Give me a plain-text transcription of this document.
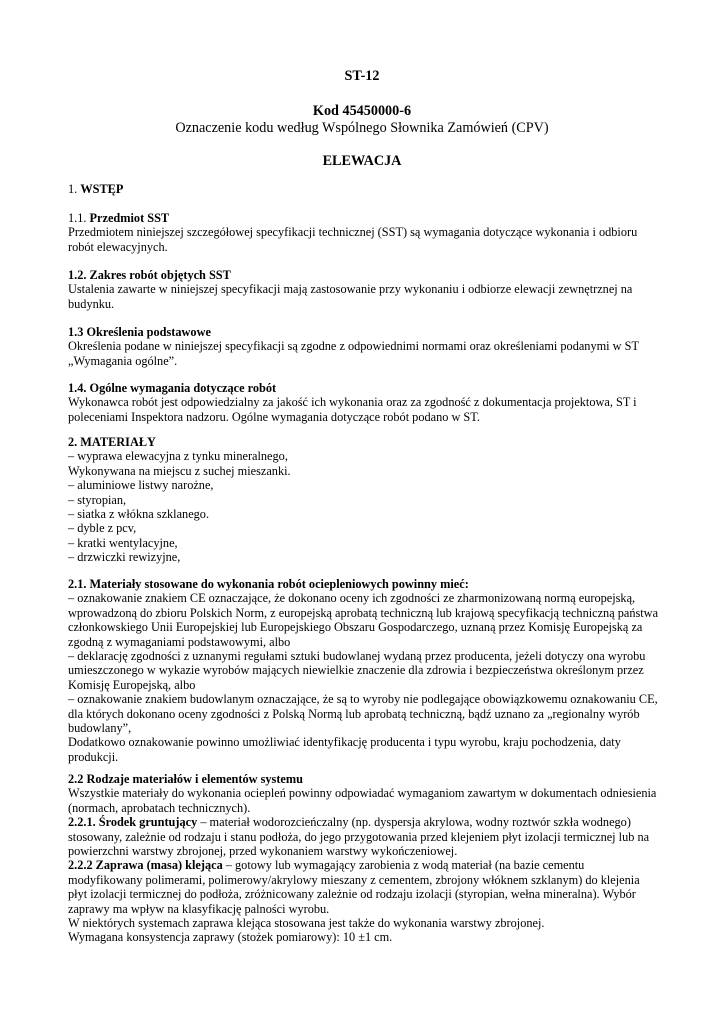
ST-12
Kod 45450000-6
Oznaczenie kodu według Wspólnego Słownika Zamówień (CPV)
ELEWACJA
1. WSTĘP
1.1. Przedmiot SST
Przedmiotem niniejszej szczegółowej specyfikacji technicznej (SST) są wymagania dotyczące wykonania i odbioru
robót elewacyjnych.
1.2. Zakres robót objętych SST
Ustalenia zawarte w niniejszej specyfikacji mają zastosowanie przy wykonaniu i odbiorze elewacji zewnętrznej na
budynku.
1.3 Określenia podstawowe
Określenia podane w niniejszej specyfikacji są zgodne z odpowiednimi normami oraz określeniami podanymi w ST
„Wymagania ogólne”.
1.4. Ogólne wymagania dotyczące robót
Wykonawca robót jest odpowiedzialny za jakość ich wykonania oraz za zgodność z dokumentacja projektowa, ST i
poleceniami Inspektora nadzoru. Ogólne wymagania dotyczące robót podano w ST.
2. MATERIAŁY
– wyprawa elewacyjna z tynku mineralnego,
Wykonywana na miejscu z suchej mieszanki.
– aluminiowe listwy narożne,
– styropian,
– siatka z włókna szklanego.
– dyble z pcv,
– kratki wentylacyjne,
– drzwiczki rewizyjne,
2.1. Materiały stosowane do wykonania robót ociepleniowych powinny mieć:
– oznakowanie znakiem CE oznaczające, że dokonano oceny ich zgodności ze zharmonizowaną normą europejską,
wprowadzoną do zbioru Polskich Norm, z europejską aprobatą techniczną lub krajową specyfikacją techniczną państwa
członkowskiego Unii Europejskiej lub Europejskiego Obszaru Gospodarczego, uznaną przez Komisję Europejską za
zgodną z wymaganiami podstawowymi, albo
– deklarację zgodności z uznanymi regułami sztuki budowlanej wydaną przez producenta, jeżeli dotyczy ona wyrobu
umieszczonego w wykazie wyrobów mających niewielkie znaczenie dla zdrowia i bezpieczeństwa określonym przez
Komisję Europejską, albo
– oznakowanie znakiem budowlanym oznaczające, że są to wyroby nie podlegające obowiązkowemu oznakowaniu CE,
dla których dokonano oceny zgodności z Polską Normą lub aprobatą techniczną, bądź uznano za „regionalny wyrób
budowlany”,
Dodatkowo oznakowanie powinno umożliwiać identyfikację producenta i typu wyrobu, kraju pochodzenia, daty
produkcji.
2.2 Rodzaje materiałów i elementów systemu
Wszystkie materiały do wykonania ociepleń powinny odpowiadać wymaganiom zawartym w dokumentach odniesienia
(normach, aprobatach technicznych).
2.2.1. Środek gruntujący – materiał wodorozcieńczalny (np. dyspersja akrylowa, wodny roztwór szkła wodnego)
stosowany, zależnie od rodzaju i stanu podłoża, do jego przygotowania przed klejeniem płyt izolacji termicznej lub na
powierzchni warstwy zbrojonej, przed wykonaniem warstwy wykończeniowej.
2.2.2 Zaprawa (masa) klejąca – gotowy lub wymagający zarobienia z wodą materiał (na bazie cementu
modyfikowany polimerami, polimerowy/akrylowy mieszany z cementem, zbrojony włóknem szklanym) do klejenia
płyt izolacji termicznej do podłoża, zróżnicowany zależnie od rodzaju izolacji (styropian, wełna mineralna). Wybór
zaprawy ma wpływ na klasyfikację palności wyrobu.
W niektórych systemach zaprawa klejąca stosowana jest także do wykonania warstwy zbrojonej.
Wymagana konsystencja zaprawy (stożek pomiarowy): 10 ±1 cm.
